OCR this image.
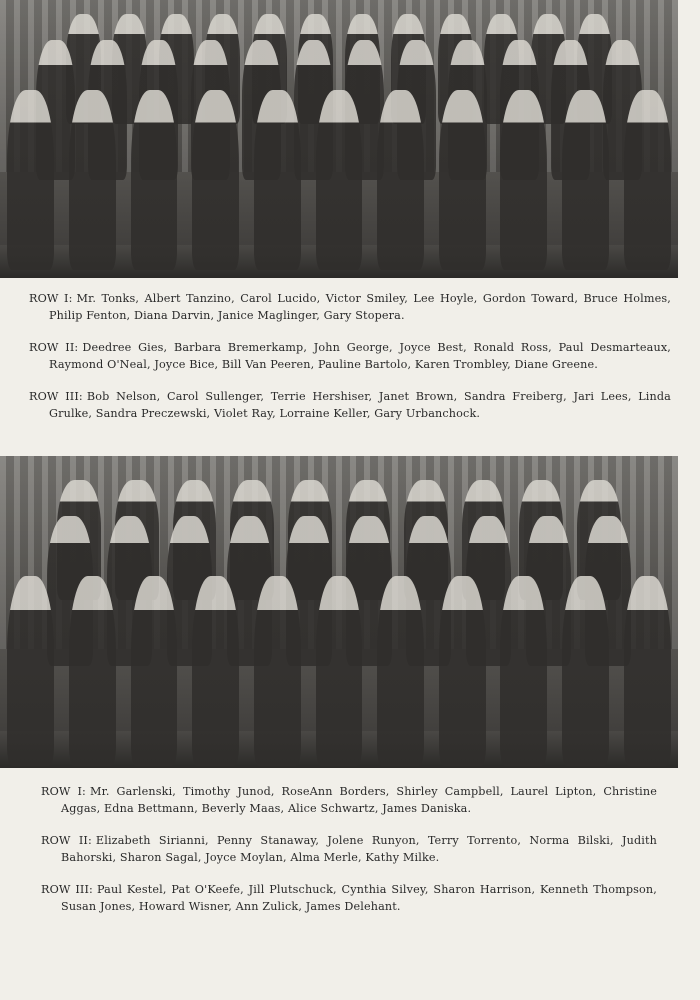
ROW I: Mr. Tonks, Albert Tanzino, Carol Lucido, Victor Smiley, Lee Hoyle, Gordon Toward, Bruce Holmes, Philip Fenton, Diana Darvin, Janice Maglinger, Gary Stopera.
ROW II: Deedree Gies, Barbara Bremerkamp, John George, Joyce Best, Ronald Ross, Paul Desmarteaux, Raymond O'Neal, Joyce Bice, Bill Van Peeren, Pauline Bartolo, Karen Trombley, Diane Greene.
ROW III: Bob Nelson, Carol Sullenger, Terrie Hershiser, Janet Brown, Sandra Freiberg, Jari Lees, Linda Grulke, Sandra Preczewski, Violet Ray, Lorraine Keller, Gary Urbanchock.
ROW I: Mr. Garlenski, Timothy Junod, RoseAnn Borders, Shirley Campbell, Laurel Lipton, Christine Aggas, Edna Bettmann, Beverly Maas, Alice Schwartz, James Daniska.
ROW II: Elizabeth Sirianni, Penny Stanaway, Jolene Runyon, Terry Torrento, Norma Bilski, Judith Bahorski, Sharon Sagal, Joyce Moylan, Alma Merle, Kathy Milke.
ROW III: Paul Kestel, Pat O'Keefe, Jill Plutschuck, Cynthia Silvey, Sharon Harrison, Kenneth Thompson, Susan Jones, Howard Wisner, Ann Zulick, James Delehant.
